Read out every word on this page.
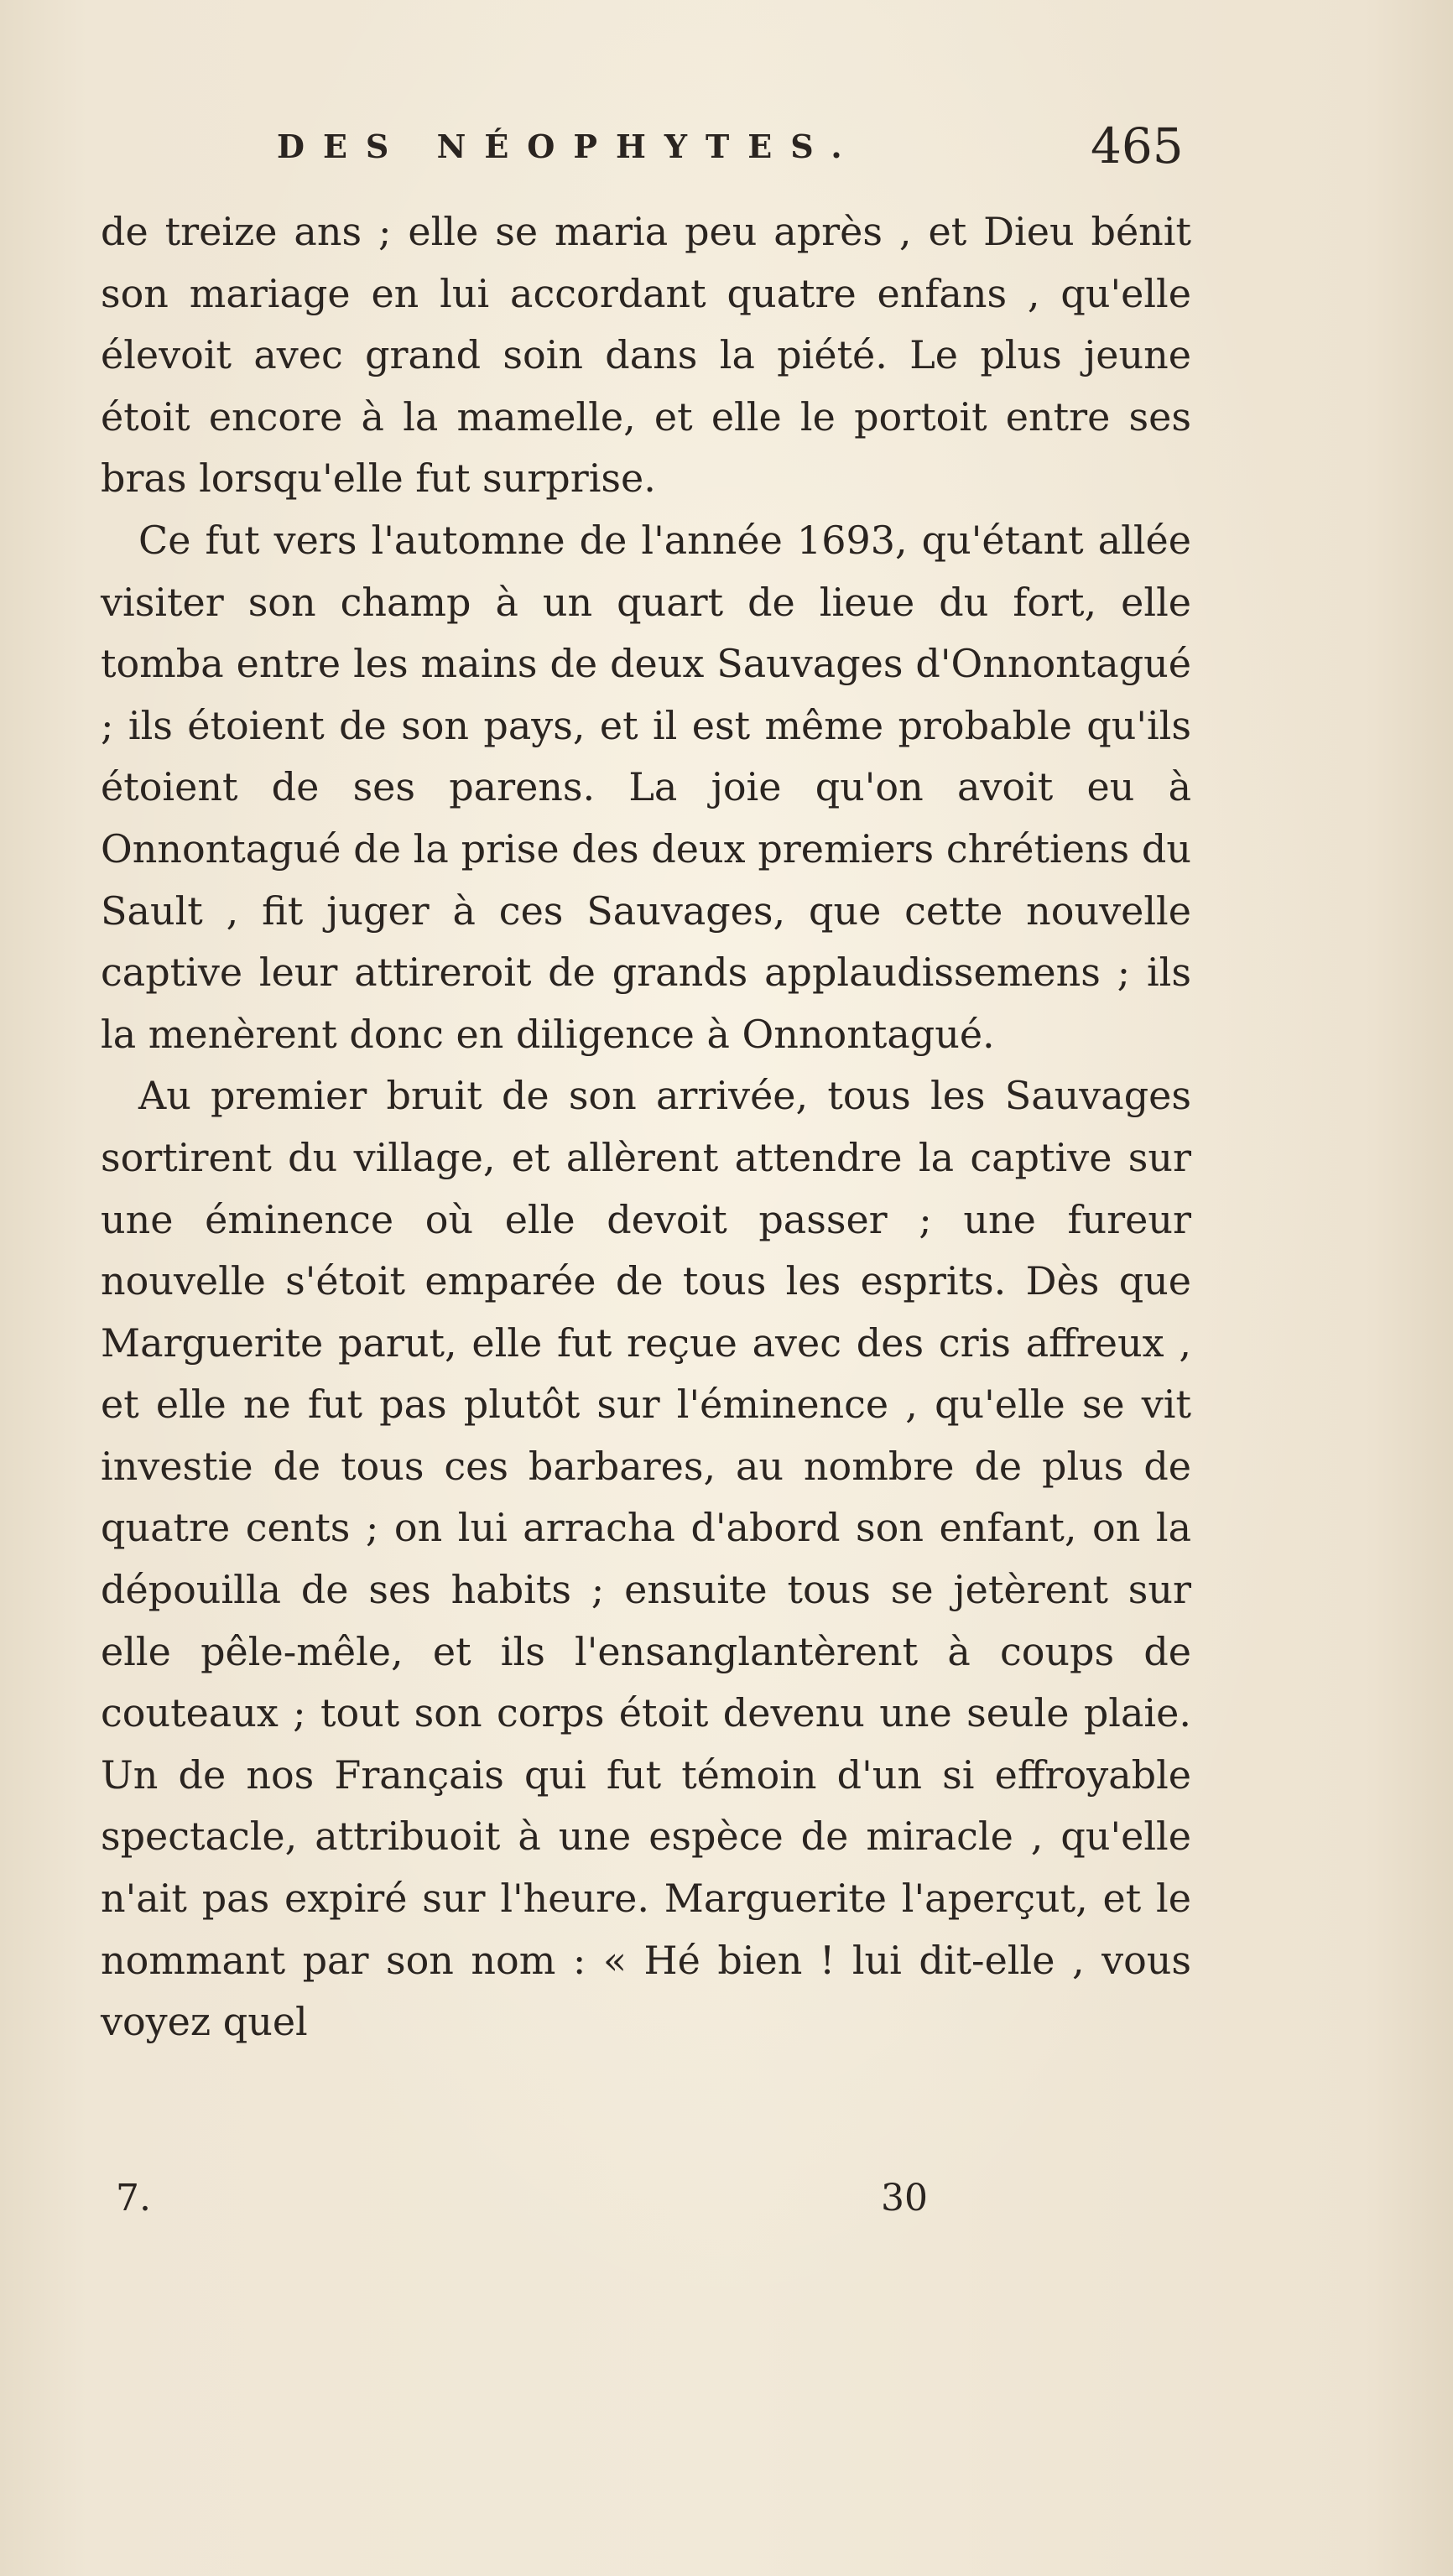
DES NÉOPHYTES.	465

de treize ans ; elle se maria peu après , et Dieu bénit son mariage en lui accordant quatre enfans , qu'elle élevoit avec grand soin dans la piété. Le plus jeune étoit encore à la mamelle, et elle le portoit entre ses bras lorsqu'elle fut surprise.

Ce fut vers l'automne de l'année 1693, qu'étant allée visiter son champ à un quart de lieue du fort, elle tomba entre les mains de deux Sauvages d'Onnontagué ; ils étoient de son pays, et il est même probable qu'ils étoient de ses parens. La joie qu'on avoit eu à Onnontagué de la prise des deux premiers chrétiens du Sault , fit juger à ces Sauvages, que cette nouvelle captive leur attireroit de grands applaudissemens ; ils la menèrent donc en diligence à Onnontagué.

Au premier bruit de son arrivée, tous les Sauvages sortirent du village, et allèrent attendre la captive sur une éminence où elle devoit passer ; une fureur nouvelle s'étoit emparée de tous les esprits. Dès que Marguerite parut, elle fut reçue avec des cris affreux , et elle ne fut pas plutôt sur l'éminence , qu'elle se vit investie de tous ces barbares, au nombre de plus de quatre cents ; on lui arracha d'abord son enfant, on la dépouilla de ses habits ; ensuite tous se jetèrent sur elle pêle-mêle, et ils l'ensanglantèrent à coups de couteaux ; tout son corps étoit devenu une seule plaie. Un de nos Français qui fut témoin d'un si effroyable spectacle, attribuoit à une espèce de miracle , qu'elle n'ait pas expiré sur l'heure. Marguerite l'aperçut, et le nommant par son nom : « Hé bien ! lui dit-elle , vous voyez quel

7.	30
